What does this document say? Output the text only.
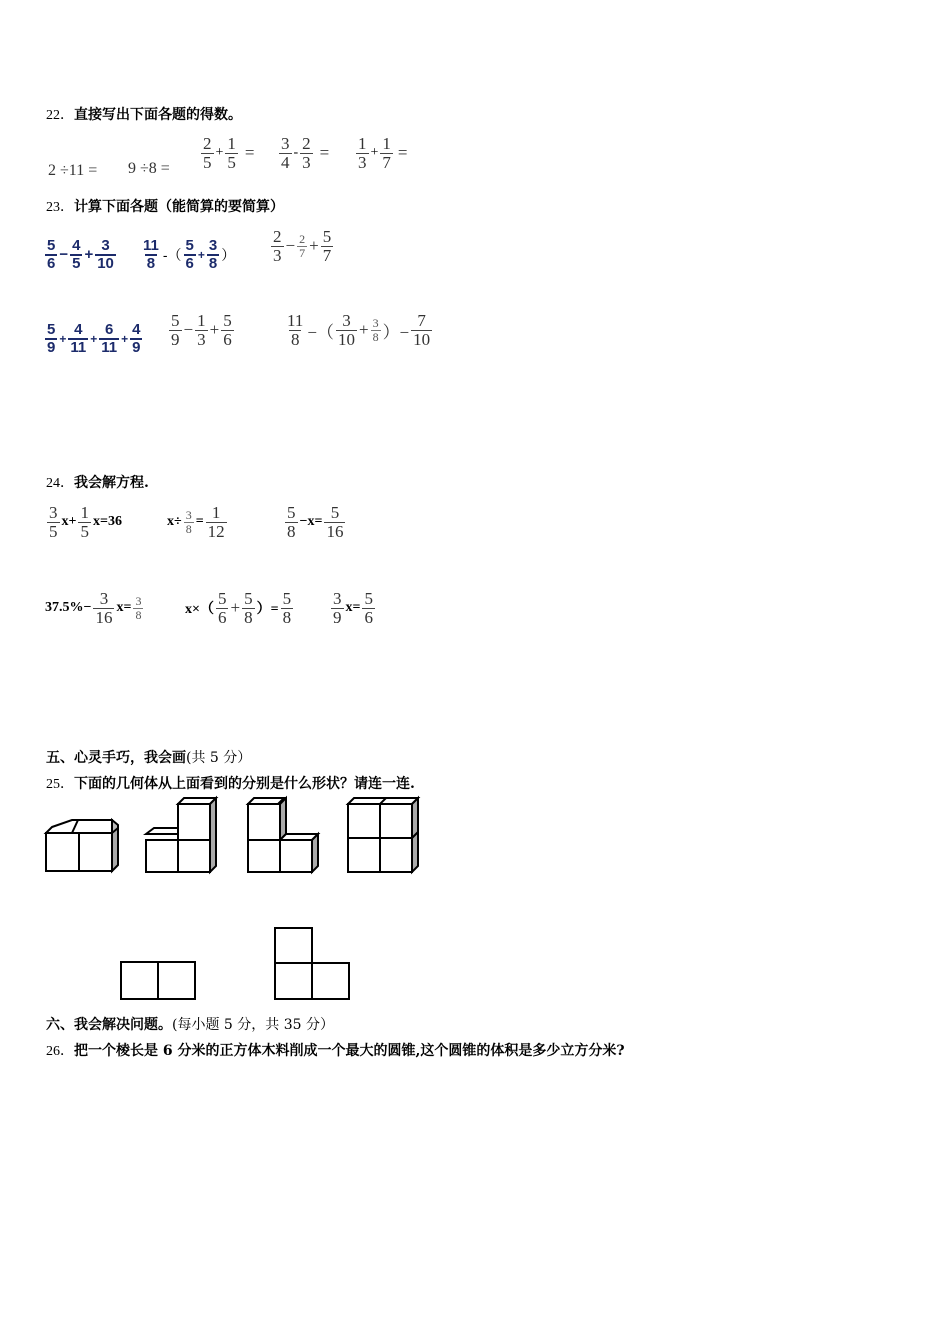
22．直接写出下面各题的得数。
$2 \div 11 = 9 \div 8 = \frac{2}{5} + \frac{1}{5} = \frac{3}{4} - \frac{2}{3} = \frac{1}{3} + \frac{1}{7}$ =
23．计算下面各题（能简算的要简算）
$\frac{5}{6} - \frac{4}{5} + \frac{3}{10} \frac{11}{8}$ -（ $\frac{5}{6} + \frac{3}{8}$ ） $\frac{2}{3} - \frac{2}{7} + \frac{5}{7}$
$\frac{5}{9} + \frac{4}{11} + \frac{6}{11} + \frac{4}{9} \frac{5}{9} - \frac{1}{3} + \frac{5}{6}$	$\frac{11}{8}$ −（ $\frac{3}{10} + \frac{3}{8}$ ）− $\frac{7}{10}$
24．我会解方程.
$\frac{3}{5} x+ \frac{1}{5} x=36$	$x\div \frac{3}{8} = \frac{1}{12}$	$\frac{5}{8} -x= \frac{5}{16}$
$37.5\%- \frac{3}{16} x= \frac{3}{8}$	$x\times( \frac{5}{6} + \frac{5}{8}$ ）= $\frac{5}{8} \frac{3}{9} x= \frac{5}{6}$
五、心灵手巧，我会画(共 5 分）
25．下面的几何体从上面看到的分别是什么形状？请连一连.
六、我会解决问题。(每小题 5 分，共 35 分）
26．把一个棱长是 6 分米的正方体木料削成一个最大的圆锥,这个圆锥的体积是多少立方分米?
